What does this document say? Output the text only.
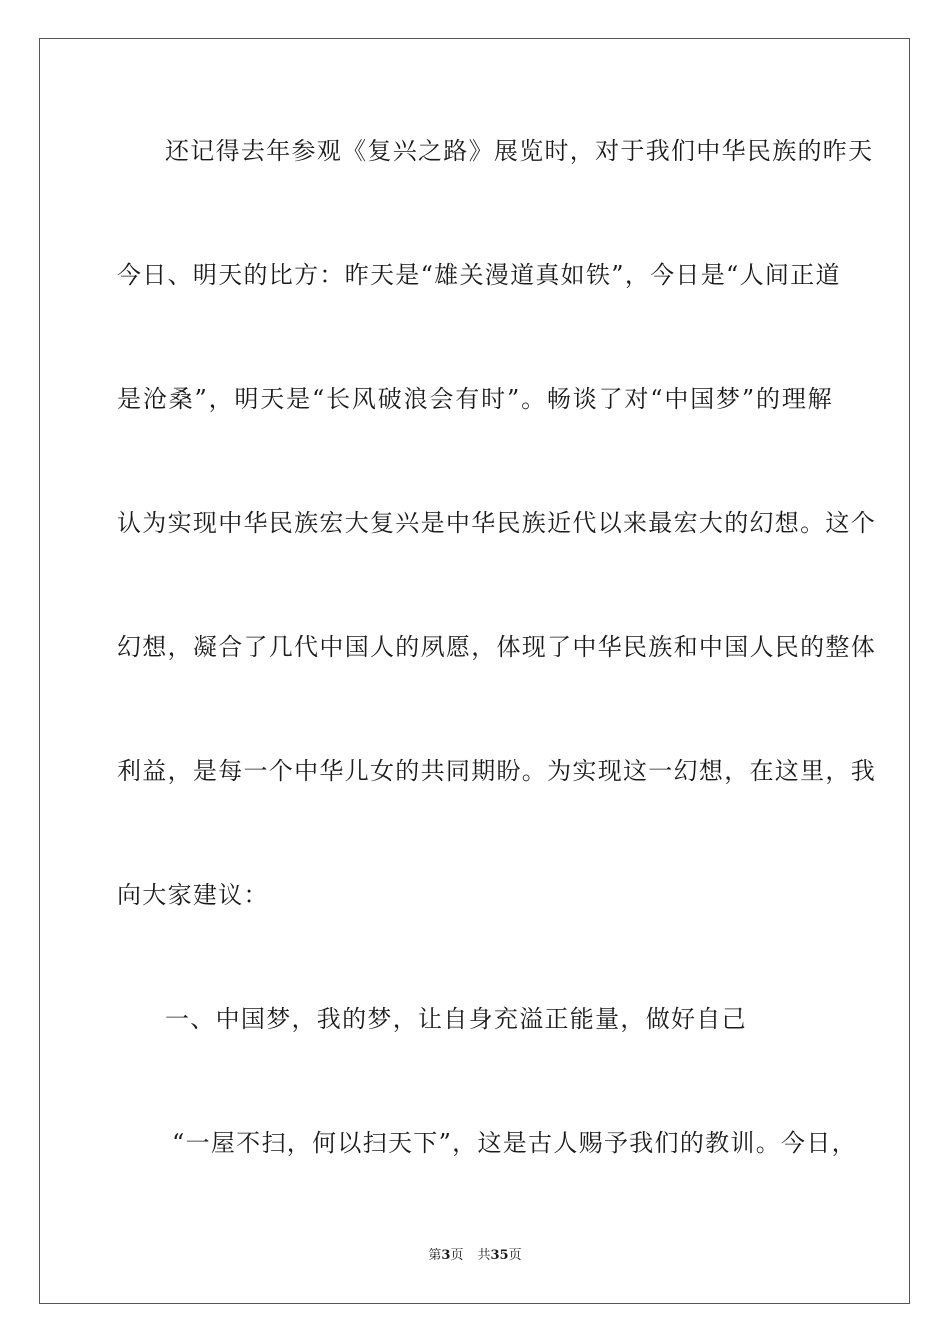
还记得去年参观《复兴之路》展览时，对于我们中华民族的昨天
今日、明天的比方：昨天是“雄关漫道真如铁”，今日是“人间正道
是沧桑”，明天是“长风破浪会有时”。畅谈了对“中国梦”的理解
认为实现中华民族宏大复兴是中华民族近代以来最宏大的幻想。这个
幻想，凝合了几代中国人的夙愿，体现了中华民族和中国人民的整体
利益，是每一个中华儿女的共同期盼。为实现这一幻想，在这里，我
向大家建议：
一、中国梦，我的梦，让自身充溢正能量，做好自己
“一屋不扫，何以扫天下”，这是古人赐予我们的教训。今日，
第3页 共35页
